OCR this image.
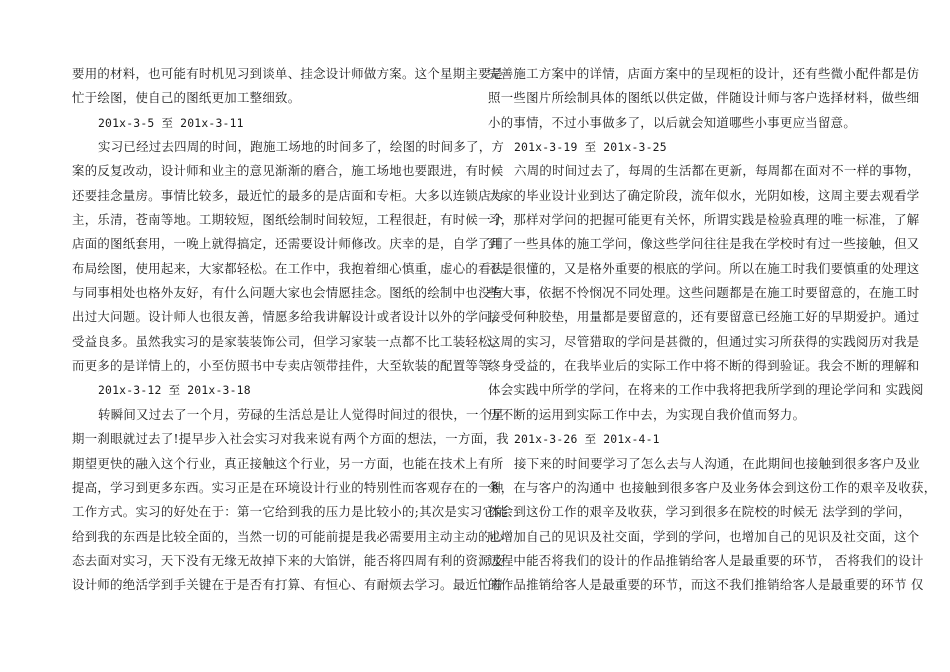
要用的材料，也可能有时机见习到谈单、挂念设计师做方案。这个星期主要是
忙于绘图，使自己的图纸更加工整细致。
201x-3-5 至 201x-3-11
实习已经过去四周的时间，跑施工场地的时间多了，绘图的时间多了，方
案的反复改动，设计师和业主的意见渐渐的磨合，施工场地也要跟进，有时候
还要挂念量房。事情比较多，最近忙的最多的是店面和专柜。大多以连锁店为
主，乐清，苍南等地。工期较短，图纸绘制时间较短，工程很赶，有时候一个
店面的图纸套用，一晚上就得搞定，还需要设计师修改。庆幸的是，自学了用
布局绘图，使用起来，大家都轻松。在工作中，我抱着细心慎重，虚心的看法，
与同事相处也格外友好，有什么问题大家也会情愿挂念。图纸的绘制中也没有
出过大问题。设计师人也很友善，情愿多给我讲解设计或者设计以外的学问，
受益良多。虽然我实习的是家装装饰公司，但学习家装一点都不比工装轻松。
而更多的是详情上的，小至仿照书中专卖店领带挂件，大至软装的配置等等。
201x-3-12 至 201x-3-18
转瞬间又过去了一个月，劳碌的生活总是让人觉得时间过的很快，一个星
期一刹眼就过去了!提早步入社会实习对我来说有两个方面的想法，一方面，我
期望更快的融入这个行业，真正接触这个行业，另一方面，也能在技术上有所
提高，学习到更多东西。实习正是在环境设计行业的特别性而客观存在的一种
工作方式。实习的好处在于：第一它给到我的压力是比较小的;其次是实习它能
给到我的东西是比较全面的，当然一切的可能前提是我必需要用主动主动的心
态去面对实习，天下没有无缘无故掉下来的大馅饼，能否将四周有利的资源及
设计师的绝活学到手关键在于是否有打算、有恒心、有耐烦去学习。最近忙着
完善施工方案中的详情，店面方案中的呈现柜的设计，还有些微小配件都是仿
照一些图片所绘制具体的图纸以供定做，伴随设计师与客户选择材料，做些细
小的事情，不过小事做多了，以后就会知道哪些小事更应当留意。
201x-3-19 至 201x-3-25
六周的时间过去了，每周的生活都在更新，每周都在面对不一样的事物，
大家的毕业设计业到达了确定阶段，流年似水，光阴如梭，这周主要去观看学
习，那样对学问的把握可能更有关怀，所谓实践是检验真理的唯一标准，了解
到了一些具体的施工学问，像这些学问往往是我在学校时有过一些接触，但又
不是很懂的，又是格外重要的根底的学问。所以在施工时我们要慎重的处理这
些大事，依据不怜悯况不同处理。这些问题都是在施工时要留意的，在施工时
接受何种胶垫，用量都是要留意的，还有要留意已经施工好的早期爱护。通过
这周的实习，尽管猎取的学问是甚微的，但通过实习所获得的实践阅历对我是
终身受益的，在我毕业后的实际工作中将不断的得到验证。我会不断的理解和
体会实践中所学的学问，在将来的工作中我将把我所学到的理论学问和 实践阅
历不断的运用到实际工作中去，为实现自我价值而努力。
201x-3-26 至 201x-4-1
接下来的时间要学习了怎么去与人沟通，在此期间也接触到很多客户及业
务，在与客户的沟通中 也接触到很多客户及业务体会到这份工作的艰辛及收获，
体会到这份工作的艰辛及收获，学习到很多在院校的时候无 法学到的学问，
也增加自己的见识及社交面，学到的学问，也增加自己的见识及社交面，这个
过程中能否将我们的设计的作品推销给客人是最重要的环节， 否将我们的设计
的作品推销给客人是最重要的环节，而这不我们推销给客人是最重要的环节 仅
